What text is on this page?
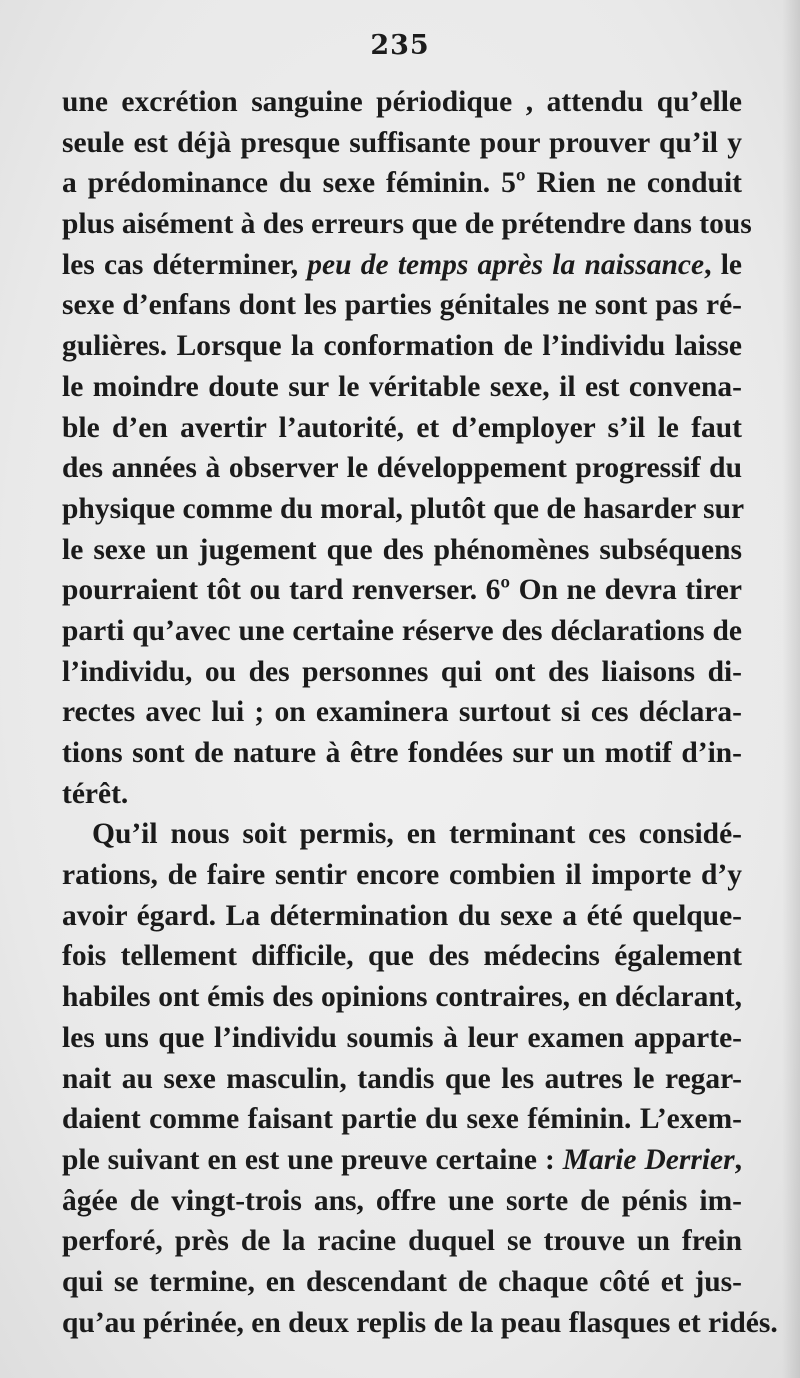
235
une excrétion sanguine périodique , attendu qu’elle
seule est déjà presque suffisante pour prouver qu’il y
a prédominance du sexe féminin. 5º Rien ne conduit
plus aisément à des erreurs que de prétendre dans tous
les cas déterminer, peu de temps après la naissance, le
sexe d’enfans dont les parties génitales ne sont pas ré-
gulières. Lorsque la conformation de l’individu laisse
le moindre doute sur le véritable sexe, il est convena-
ble d’en avertir l’autorité, et d’employer s’il le faut
des années à observer le développement progressif du
physique comme du moral, plutôt que de hasarder sur
le sexe un jugement que des phénomènes subséquens
pourraient tôt ou tard renverser. 6º On ne devra tirer
parti qu’avec une certaine réserve des déclarations de
l’individu, ou des personnes qui ont des liaisons di-
rectes avec lui ; on examinera surtout si ces déclara-
tions sont de nature à être fondées sur un motif d’in-
térêt.
Qu’il nous soit permis, en terminant ces considé-
rations, de faire sentir encore combien il importe d’y
avoir égard. La détermination du sexe a été quelque-
fois tellement difficile, que des médecins également
habiles ont émis des opinions contraires, en déclarant,
les uns que l’individu soumis à leur examen apparte-
nait au sexe masculin, tandis que les autres le regar-
daient comme faisant partie du sexe féminin. L’exem-
ple suivant en est une preuve certaine : Marie Derrier,
âgée de vingt-trois ans, offre une sorte de pénis im-
perforé, près de la racine duquel se trouve un frein
qui se termine, en descendant de chaque côté et jus-
qu’au périnée, en deux replis de la peau flasques et ridés.
